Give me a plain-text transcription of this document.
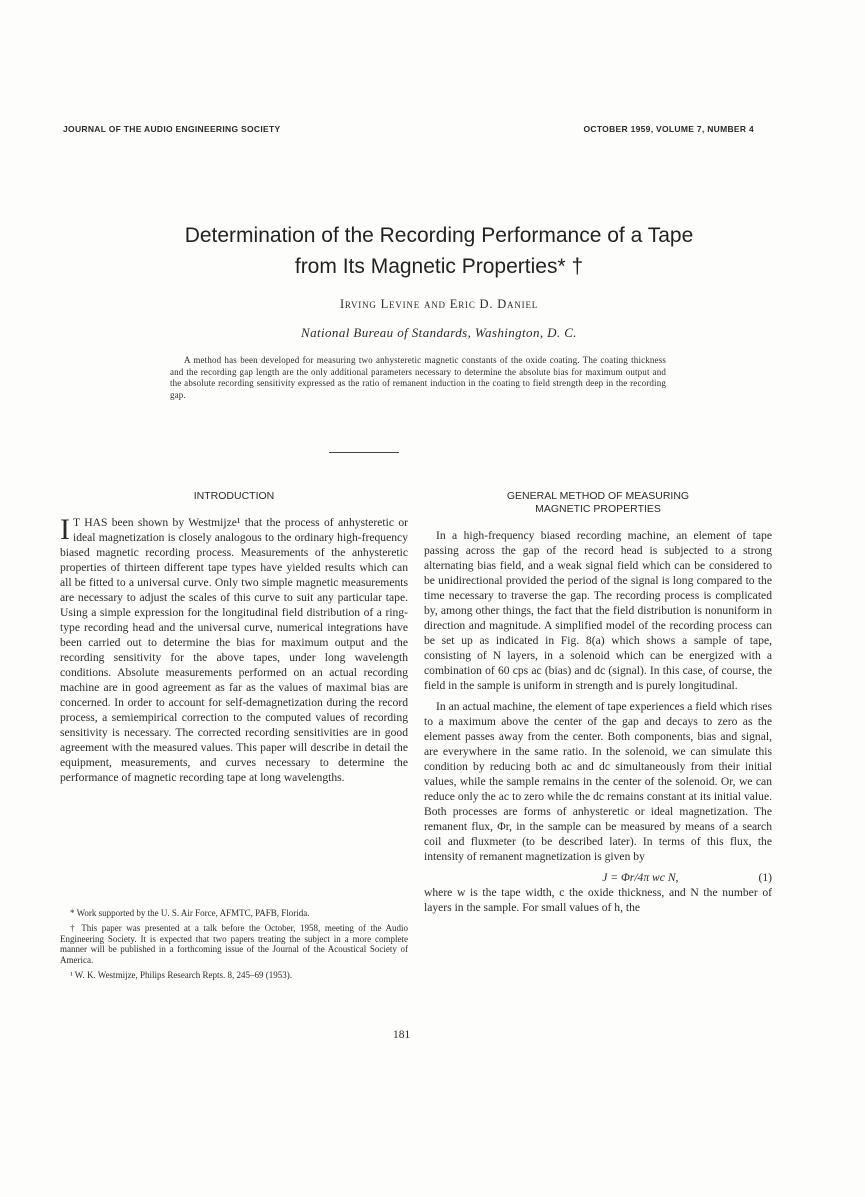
JOURNAL OF THE AUDIO ENGINEERING SOCIETY	OCTOBER 1959, VOLUME 7, NUMBER 4
Determination of the Recording Performance of a Tape
from Its Magnetic Properties* †
Irving Levine and Eric D. Daniel
National Bureau of Standards, Washington, D. C.
A method has been developed for measuring two anhysteretic magnetic constants of the oxide coating. The coating thickness and the recording gap length are the only additional parameters necessary to determine the absolute bias for maximum output and the absolute recording sensitivity expressed as the ratio of remanent induction in the coating to field strength deep in the recording gap.

INTRODUCTION

I T HAS been shown by Westmijze¹ that the process of anhysteretic or ideal magnetization is closely analogous to the ordinary high-frequency biased magnetic recording process. Measurements of the anhysteretic properties of thirteen different tape types have yielded results which can all be fitted to a universal curve. Only two simple magnetic measurements are necessary to adjust the scales of this curve to suit any particular tape. Using a simple expression for the longitudinal field distribution of a ring-type recording head and the universal curve, numerical integrations have been carried out to determine the bias for maximum output and the recording sensitivity for the above tapes, under long wavelength conditions. Absolute measurements performed on an actual recording machine are in good agreement as far as the values of maximal bias are concerned. In order to account for self-demagnetization during the record process, a semiempirical correction to the computed values of recording sensitivity is necessary. The corrected recording sensitivities are in good agreement with the measured values. This paper will describe in detail the equipment, measurements, and curves necessary to determine the performance of magnetic recording tape at long wavelengths.

* Work supported by the U. S. Air Force, AFMTC, PAFB, Florida.

† This paper was presented at a talk before the October, 1958, meeting of the Audio Engineering Society. It is expected that two papers treating the subject in a more complete manner will be published in a forthcoming issue of the Journal of the Acoustical Society of America.

¹ W. K. Westmijze, Philips Research Repts. 8, 245–69 (1953).

GENERAL METHOD OF MEASURING

MAGNETIC PROPERTIES

In a high-frequency biased recording machine, an element of tape passing across the gap of the record head is subjected to a strong alternating bias field, and a weak signal field which can be considered to be unidirectional provided the period of the signal is long compared to the time necessary to traverse the gap. The recording process is complicated by, among other things, the fact that the field distribution is nonuniform in direction and magnitude. A simplified model of the recording process can be set up as indicated in Fig. 8(a) which shows a sample of tape, consisting of N layers, in a solenoid which can be energized with a combination of 60 cps ac (bias) and dc (signal). In this case, of course, the field in the sample is uniform in strength and is purely longitudinal.

In an actual machine, the element of tape experiences a field which rises to a maximum above the center of the gap and decays to zero as the element passes away from the center. Both components, bias and signal, are everywhere in the same ratio. In the solenoid, we can simulate this condition by reducing both ac and dc simultaneously from their initial values, while the sample remains in the center of the solenoid. Or, we can reduce only the ac to zero while the dc remains constant at its initial value. Both processes are forms of anhysteretic or ideal magnetization. The remanent flux, Φr, in the sample can be measured by means of a search coil and fluxmeter (to be described later). In terms of this flux, the intensity of remanent magnetization is given by

J = Φr/4π wc N,	(1)

where w is the tape width, c the oxide thickness, and N the number of layers in the sample. For small values of h, the

181
